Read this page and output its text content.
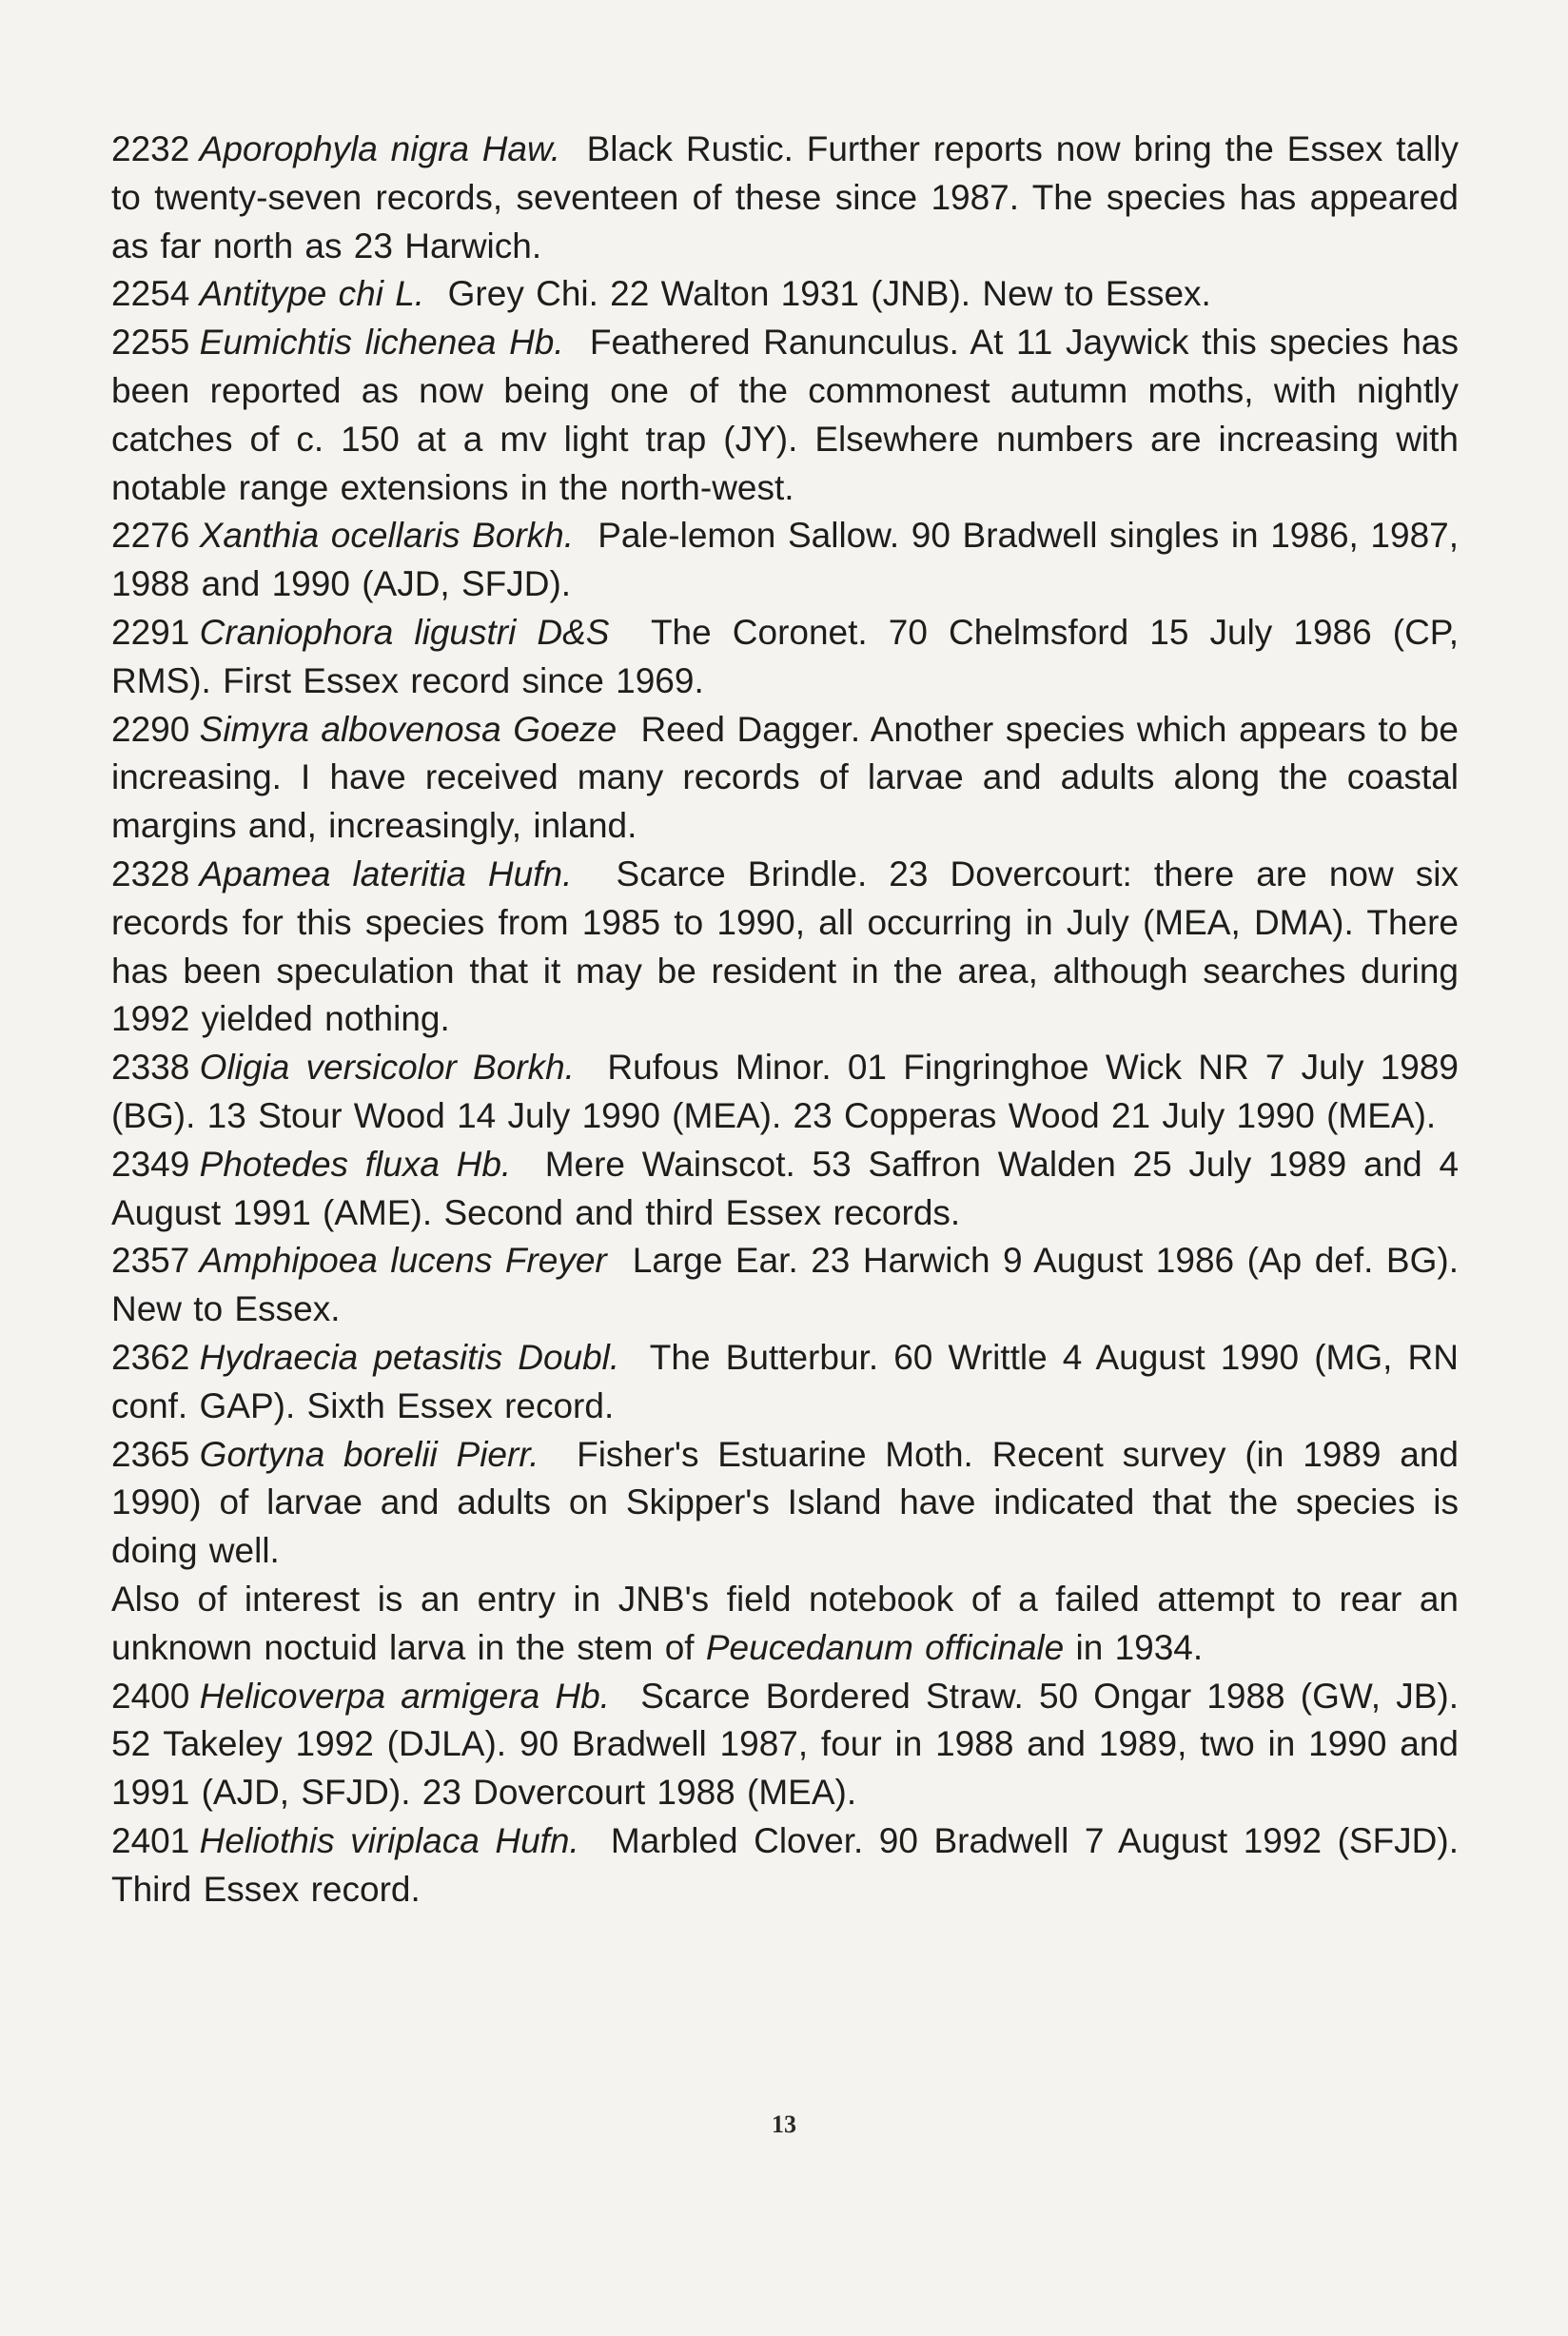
2232 Aporophyla nigra Haw. Black Rustic. Further reports now bring the Essex tally to twenty-seven records, seventeen of these since 1987. The species has appeared as far north as 23 Harwich.

2254 Antitype chi L. Grey Chi. 22 Walton 1931 (JNB). New to Essex.

2255 Eumichtis lichenea Hb. Feathered Ranunculus. At 11 Jaywick this species has been reported as now being one of the commonest autumn moths, with nightly catches of c. 150 at a mv light trap (JY). Elsewhere numbers are increasing with notable range extensions in the north-west.

2276 Xanthia ocellaris Borkh. Pale-lemon Sallow. 90 Bradwell singles in 1986, 1987, 1988 and 1990 (AJD, SFJD).

2291 Craniophora ligustri D&S The Coronet. 70 Chelmsford 15 July 1986 (CP, RMS). First Essex record since 1969.

2290 Simyra albovenosa Goeze Reed Dagger. Another species which appears to be increasing. I have received many records of larvae and adults along the coastal margins and, increasingly, inland.

2328 Apamea lateritia Hufn. Scarce Brindle. 23 Dovercourt: there are now six records for this species from 1985 to 1990, all occurring in July (MEA, DMA). There has been speculation that it may be resident in the area, although searches during 1992 yielded nothing.

2338 Oligia versicolor Borkh. Rufous Minor. 01 Fingringhoe Wick NR 7 July 1989 (BG). 13 Stour Wood 14 July 1990 (MEA). 23 Copperas Wood 21 July 1990 (MEA).

2349 Photedes fluxa Hb. Mere Wainscot. 53 Saffron Walden 25 July 1989 and 4 August 1991 (AME). Second and third Essex records.

2357 Amphipoea lucens Freyer Large Ear. 23 Harwich 9 August 1986 (Ap def. BG). New to Essex.

2362 Hydraecia petasitis Doubl. The Butterbur. 60 Writtle 4 August 1990 (MG, RN conf. GAP). Sixth Essex record.

2365 Gortyna borelii Pierr. Fisher's Estuarine Moth. Recent survey (in 1989 and 1990) of larvae and adults on Skipper's Island have indicated that the species is doing well.

Also of interest is an entry in JNB's field notebook of a failed attempt to rear an unknown noctuid larva in the stem of Peucedanum officinale in 1934.

2400 Helicoverpa armigera Hb. Scarce Bordered Straw. 50 Ongar 1988 (GW, JB). 52 Takeley 1992 (DJLA). 90 Bradwell 1987, four in 1988 and 1989, two in 1990 and 1991 (AJD, SFJD). 23 Dovercourt 1988 (MEA).

2401 Heliothis viriplaca Hufn. Marbled Clover. 90 Bradwell 7 August 1992 (SFJD). Third Essex record.

13
